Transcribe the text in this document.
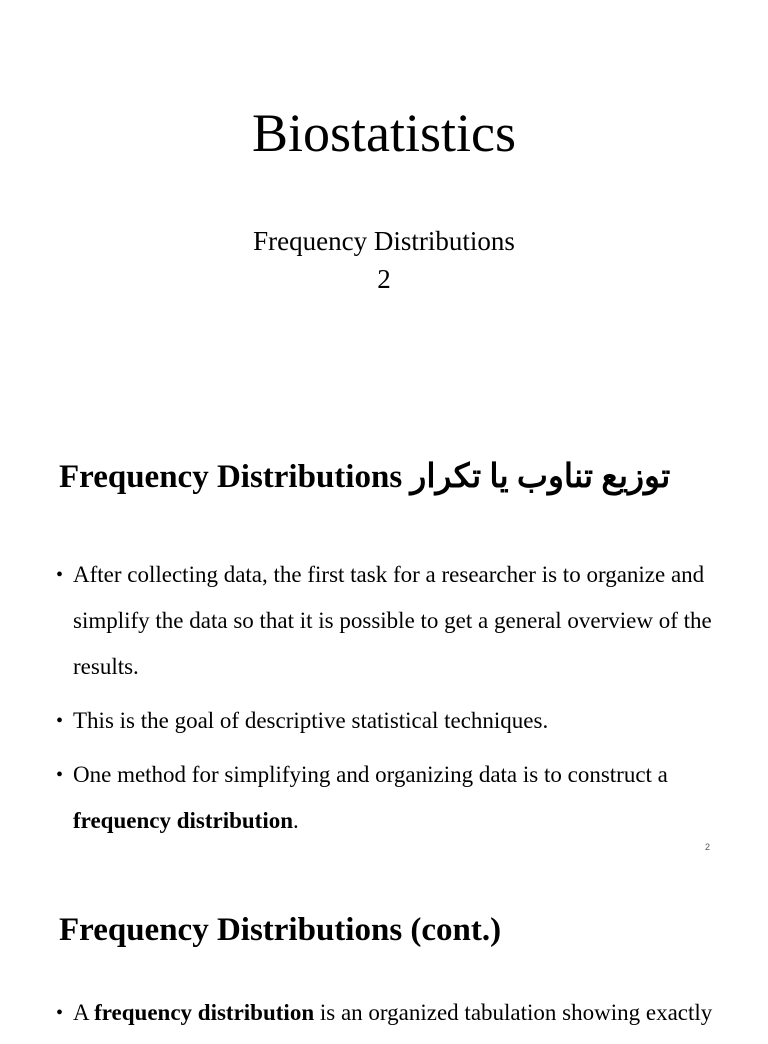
Biostatistics
Frequency Distributions
2
Frequency Distributions توزیع تناوب یا تکرار
• After collecting data, the first task for a researcher is to organize and simplify the data so that it is possible to get a general overview of the results.
• This is the goal of descriptive statistical techniques.
• One method for simplifying and organizing data is to construct a frequency distribution.
2
Frequency Distributions (cont.)
• A frequency distribution is an organized tabulation showing exactly
